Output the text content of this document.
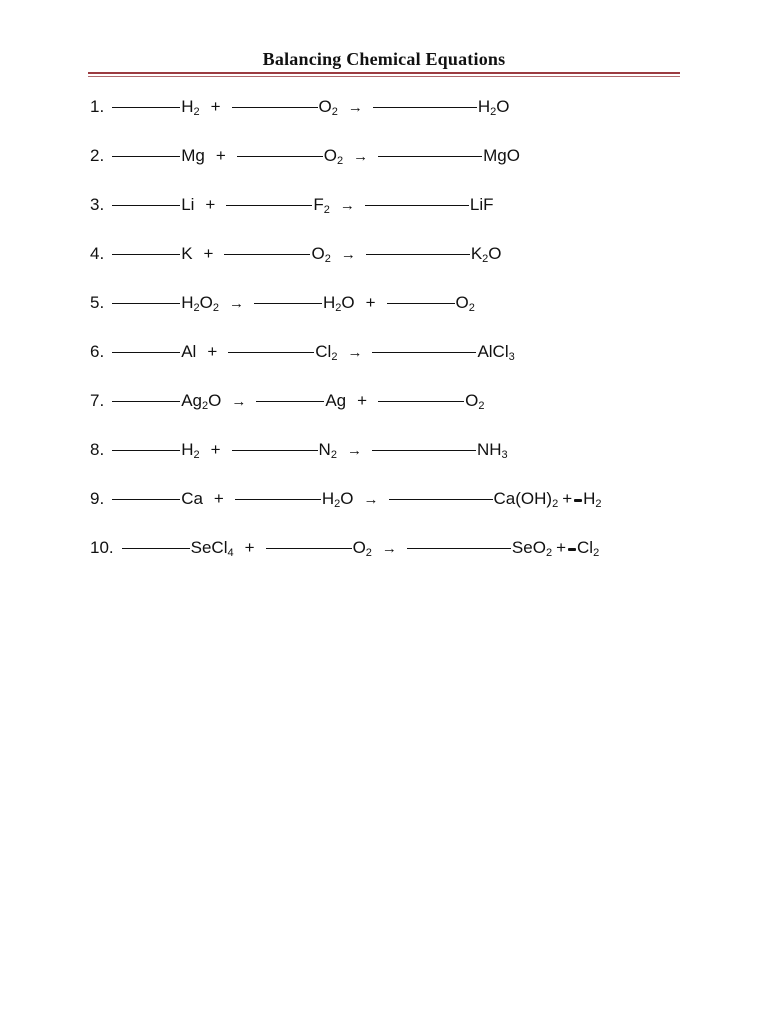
Balancing Chemical Equations
1.	$H_2$ +	$O_2$ →	$H_2O$
2.	Mg +	$O_2$ →	MgO
3.	Li +	$F_2$ →	LiF
4.	K +	$O_2$ →	$K_2O$
5.	$H_2O_2$ →	$H_2O$ +	$O_2$
6.	Al +	$Cl_2$ →	AlCl$_3$
7.	$Ag_2O$ →	Ag +	$O_2$
8.	$H_2$ +	$N_2$ →	$NH_3$
9.	Ca +	$H_2O$ →	$Ca(OH)_2 + H_2$
10.	SeCl$_4$ +	$O_2$ →	$SeO_2 + Cl_2$
